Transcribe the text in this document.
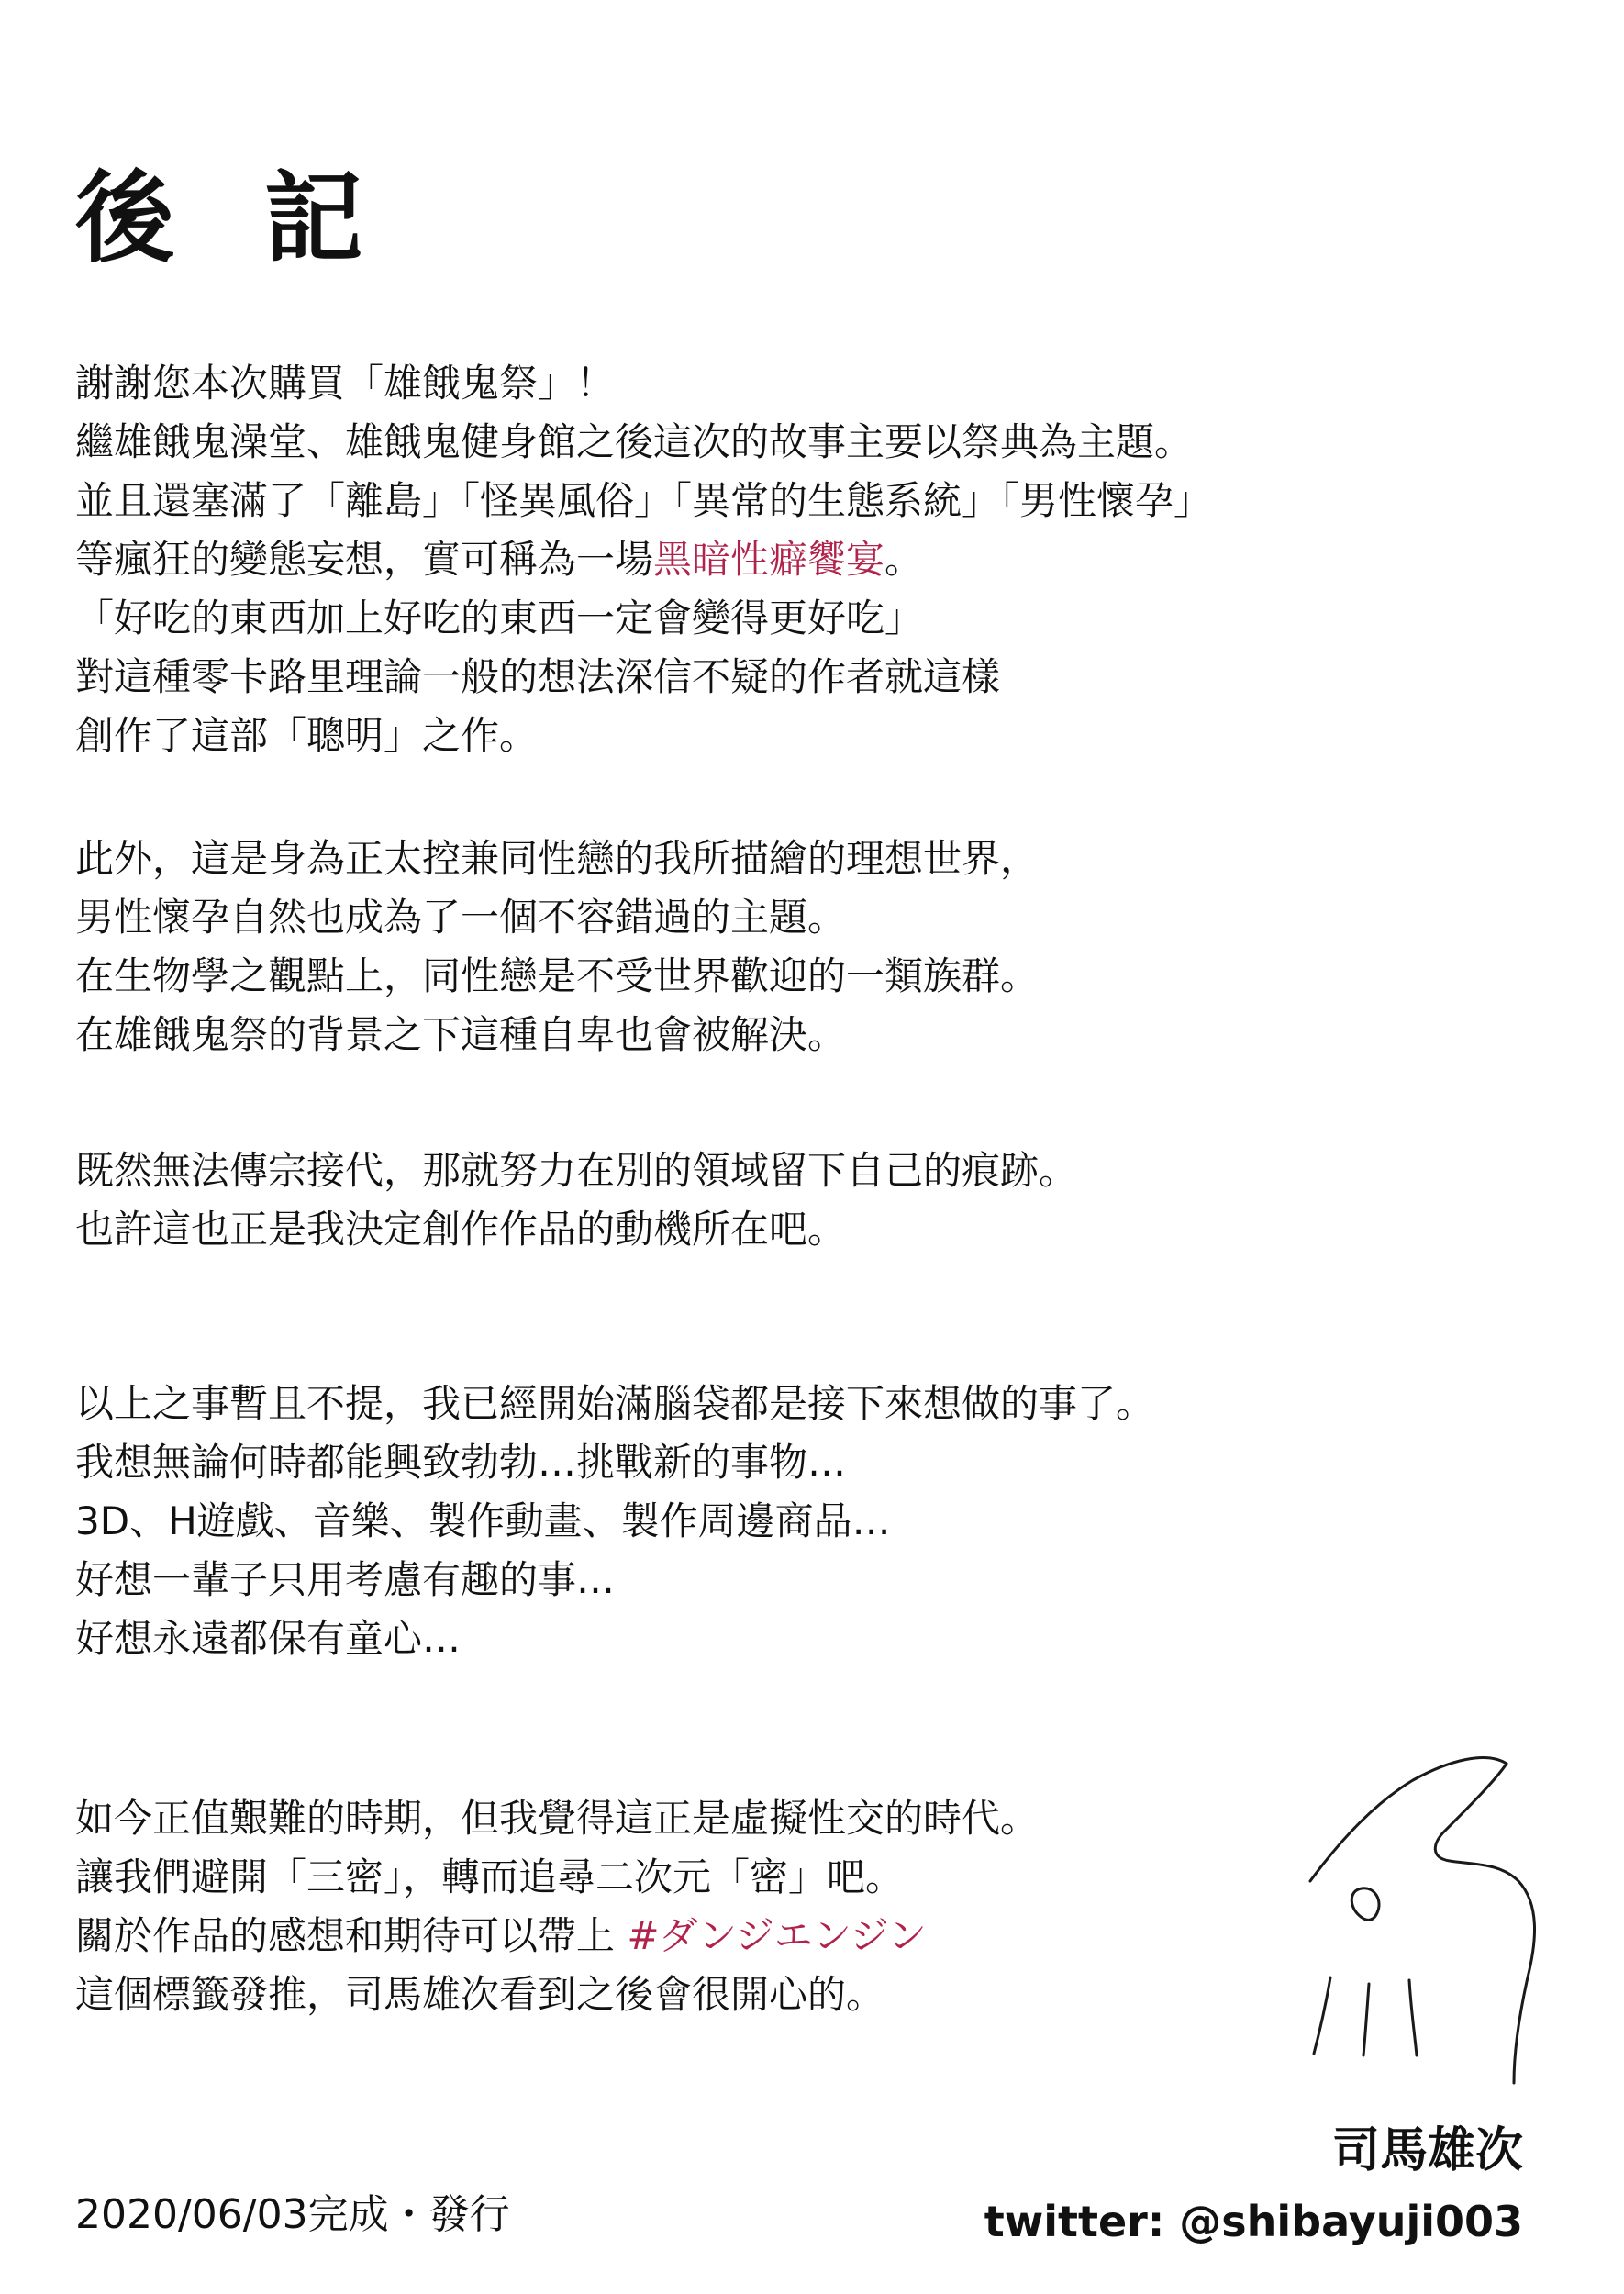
後 記
謝謝您本次購買「雄餓鬼祭」！
繼雄餓鬼澡堂、雄餓鬼健身館之後這次的故事主要以祭典為主題。
並且還塞滿了「離島」「怪異風俗」「異常的生態系統」「男性懷孕」
等瘋狂的變態妄想，實可稱為一場黑暗性癖饗宴。
「好吃的東西加上好吃的東西一定會變得更好吃」
對這種零卡路里理論一般的想法深信不疑的作者就這樣
創作了這部「聰明」之作。
此外，這是身為正太控兼同性戀的我所描繪的理想世界，
男性懷孕自然也成為了一個不容錯過的主題。
在生物學之觀點上，同性戀是不受世界歡迎的一類族群。
在雄餓鬼祭的背景之下這種自卑也會被解決。
既然無法傳宗接代，那就努力在別的領域留下自己的痕跡。
也許這也正是我決定創作作品的動機所在吧。
以上之事暫且不提，我已經開始滿腦袋都是接下來想做的事了。
我想無論何時都能興致勃勃…挑戰新的事物…
3D、H遊戲、音樂、製作動畫、製作周邊商品…
好想一輩子只用考慮有趣的事…
好想永遠都保有童心…
如今正值艱難的時期，但我覺得這正是虛擬性交的時代。
讓我們避開「三密」，轉而追尋二次元「密」吧。
關於作品的感想和期待可以帶上 #ダンジエンジン
這個標籤發推，司馬雄次看到之後會很開心的。
司馬雄次
twitter: @shibayuji003
2020/06/03完成・發行
